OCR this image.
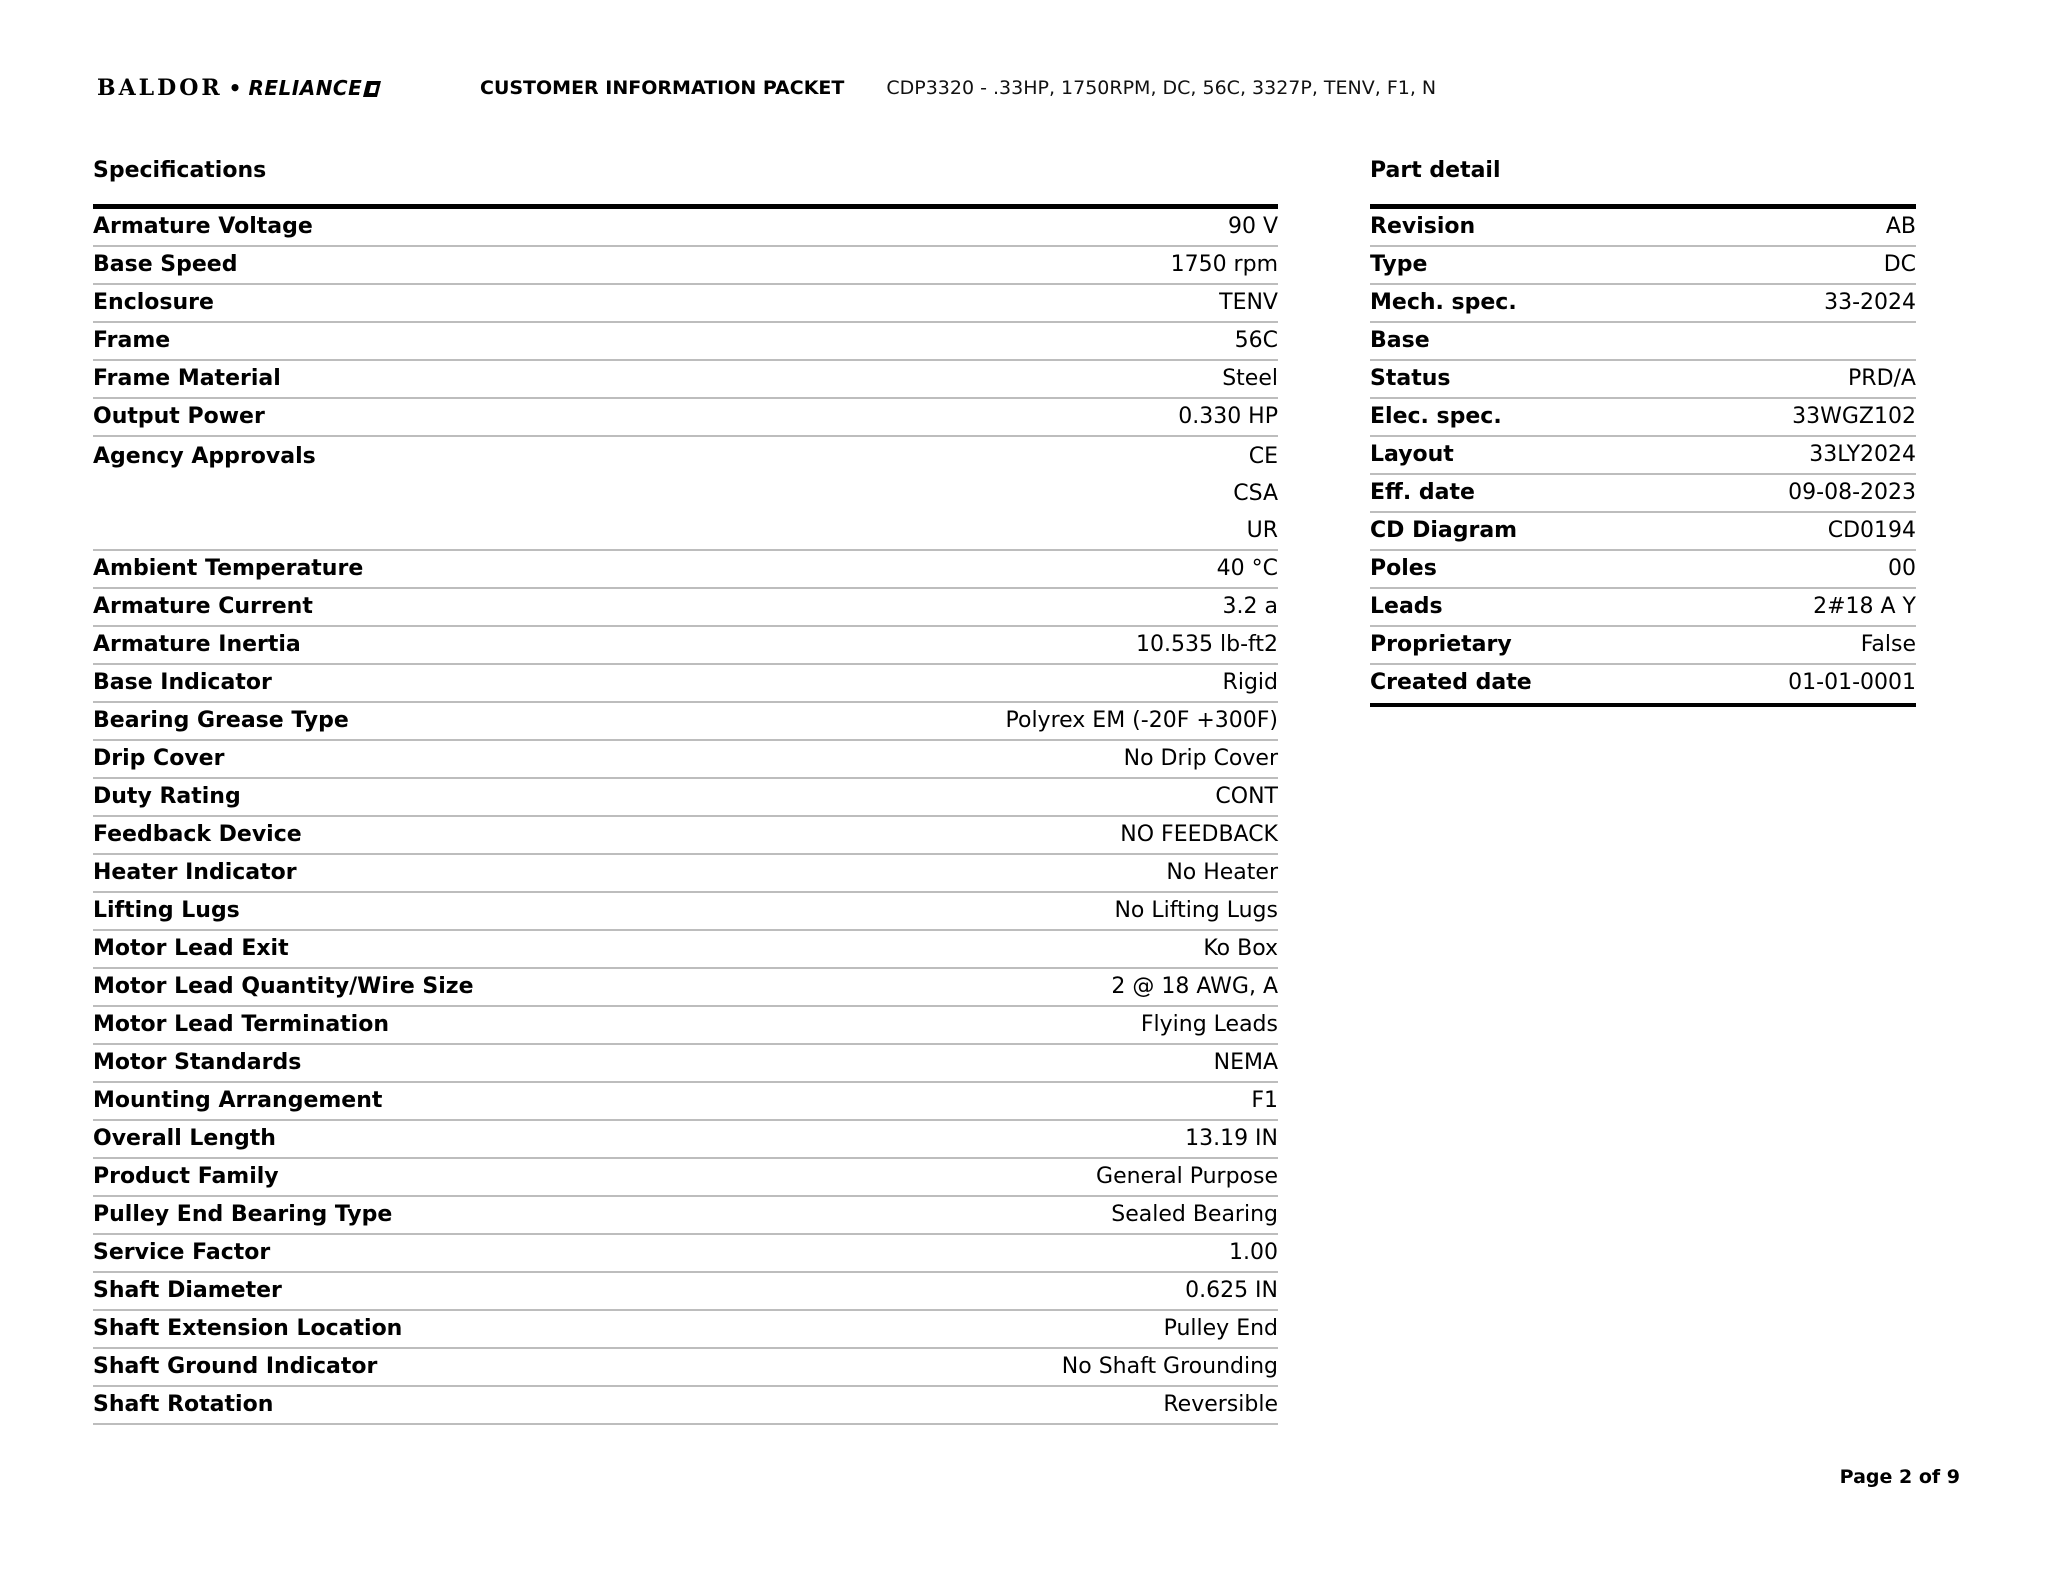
BALDOR • RELIANCE	CUSTOMER INFORMATION PACKET CDP3320 - .33HP, 1750RPM, DC, 56C, 3327P, TENV, F1, N
Specifications
Armature Voltage	90 V
Base Speed	1750 rpm
Enclosure	TENV
Frame	56C
Frame Material	Steel
Output Power	0.330 HP
Agency Approvals	CE
CSA
UR
Ambient Temperature	40 °C
Armature Current	3.2 a
Armature Inertia	10.535 lb-ft2
Base Indicator	Rigid
Bearing Grease Type	Polyrex EM (-20F +300F)
Drip Cover	No Drip Cover
Duty Rating	CONT
Feedback Device	NO FEEDBACK
Heater Indicator	No Heater
Lifting Lugs	No Lifting Lugs
Motor Lead Exit	Ko Box
Motor Lead Quantity/Wire Size	2 @ 18 AWG, A
Motor Lead Termination	Flying Leads
Motor Standards	NEMA
Mounting Arrangement	F1
Overall Length	13.19 IN
Product Family	General Purpose
Pulley End Bearing Type	Sealed Bearing
Service Factor	1.00
Shaft Diameter	0.625 IN
Shaft Extension Location	Pulley End
Shaft Ground Indicator	No Shaft Grounding
Shaft Rotation	Reversible
Part detail
Revision	AB
Type	DC
Mech. spec.	33-2024
Base
Status	PRD/A
Elec. spec.	33WGZ102
Layout	33LY2024
Eff. date	09-08-2023
CD Diagram	CD0194
Poles	00
Leads	2#18 A Y
Proprietary	False
Created date	01-01-0001
Page 2 of 9
